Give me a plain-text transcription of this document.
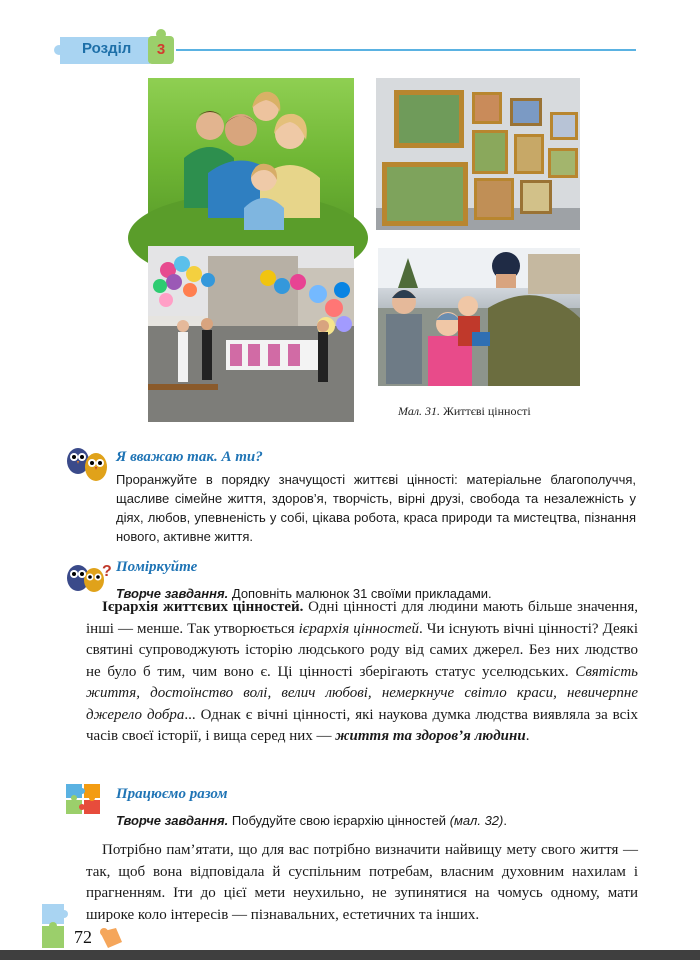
Розділ	3
Мал. 31. Життєві цінності
Я вважаю так. А ти?
Проранжуйте в порядку значущості життєві цінності: матеріальне благополуччя, щасливе сімейне життя, здоров’я, творчість, вірні друзі, свобода та незалежність у діях, любов, упевненість у собі, цікава робота, краса природи та мистецтва, пізнання нового, активне життя.
? Поміркуйте
Творче завдання. Доповніть малюнок 31 своїми прикладами.
Ієрархія життєвих цінностей. Одні цінності для людини мають більше значення, інші — менше. Так утворюється ієрархія цінностей. Чи існують вічні цінності? Деякі святині супроводжують історію людського роду від самих джерел. Без них людство не було б тим, чим воно є. Ці цінності зберігають статус уселюдських. Святість життя, достоїнство волі, велич любові, немеркнуче світло краси, невичерпне джерело добра... Однак є вічні цінності, які наукова думка людства виявляла за всіх часів своєї історії, і вища серед них — життя та здоров’я людини.
Працюємо разом
Творче завдання. Побудуйте свою ієрархію цінностей (мал. 32).
Потрібно пам’ятати, що для вас потрібно визначити найвищу мету свого життя — так, щоб вона відповідала й суспільним потребам, власним духовним нахилам і прагненням. Іти до цієї мети неухильно, не зупинятися на чомусь одному, мати широке коло інтересів — пізнавальних, естетичних та інших.
72
